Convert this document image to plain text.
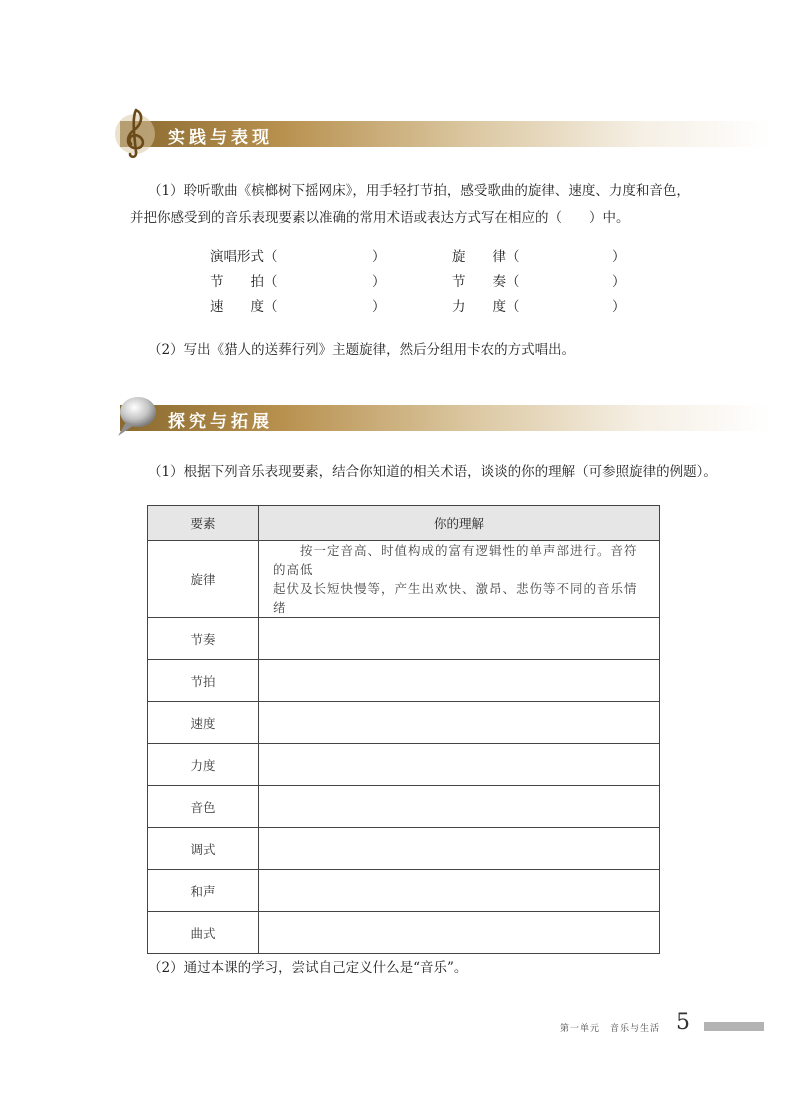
实践与表现
（1）聆听歌曲《槟榔树下摇网床》，用手轻打节拍，感受歌曲的旋律、速度、力度和音色，
并把你感受到的音乐表现要素以准确的常用术语或表达方式写在相应的（　　）中。
演唱形式（	）	旋　　律（	）
节　　拍（	）	节　　奏（	）
速　　度（	）	力　　度（	）
（2）写出《猎人的送葬行列》主题旋律，然后分组用卡农的方式唱出。
探究与拓展
（1）根据下列音乐表现要素，结合你知道的相关术语，谈谈的你的理解（可参照旋律的例题）。
要素	你的理解
旋律	　　按一定音高、时值构成的富有逻辑性的单声部进行。音符的高低
起伏及长短快慢等，产生出欢快、激昂、悲伤等不同的音乐情绪

节奏	
节拍	
速度	
力度	
音色	
调式	
和声	
曲式	
（2）通过本课的学习，尝试自己定义什么是“音乐”。
第一单元　音乐与生活 5
